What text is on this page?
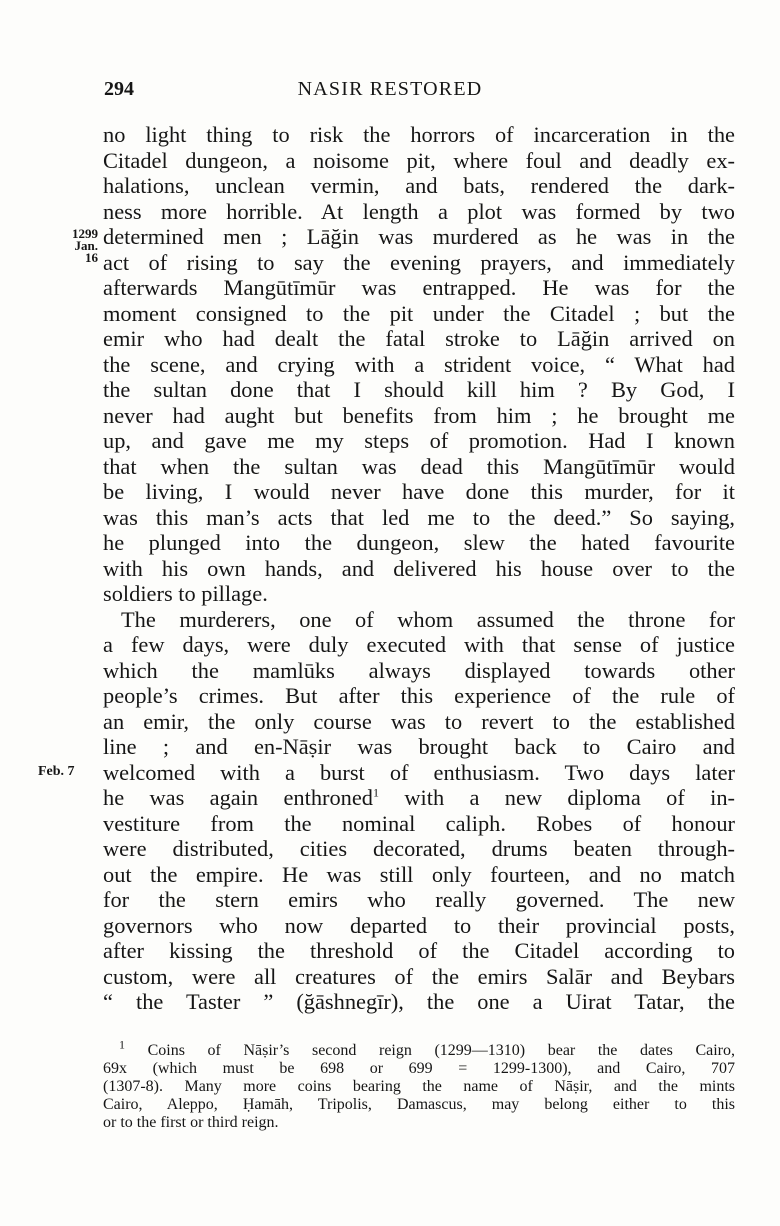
294	NASIR RESTORED
1299
Jan.
16
Feb. 7
no light thing to risk the horrors of incarceration in the
Citadel dungeon, a noisome pit, where foul and deadly ex-
halations, unclean vermin, and bats, rendered the dark-
ness more horrible. At length a plot was formed by two
determined men ; Lāğin was murdered as he was in the
act of rising to say the evening prayers, and immediately
afterwards Mangūtīmūr was entrapped. He was for the
moment consigned to the pit under the Citadel ; but the
emir who had dealt the fatal stroke to Lāğin arrived on
the scene, and crying with a strident voice, “ What had
the sultan done that I should kill him ? By God, I
never had aught but benefits from him ; he brought me
up, and gave me my steps of promotion. Had I known
that when the sultan was dead this Mangūtīmūr would
be living, I would never have done this murder, for it
was this man’s acts that led me to the deed.” So saying,
he plunged into the dungeon, slew the hated favourite
with his own hands, and delivered his house over to the
soldiers to pillage.
The murderers, one of whom assumed the throne for
a few days, were duly executed with that sense of justice
which the mamlūks always displayed towards other
people’s crimes. But after this experience of the rule of
an emir, the only course was to revert to the established
line ; and en-Nāṣir was brought back to Cairo and
welcomed with a burst of enthusiasm. Two days later
he was again enthroned$^1$ with a new diploma of in-
vestiture from the nominal caliph. Robes of honour
were distributed, cities decorated, drums beaten through-
out the empire. He was still only fourteen, and no match
for the stern emirs who really governed. The new
governors who now departed to their provincial posts,
after kissing the threshold of the Citadel according to
custom, were all creatures of the emirs Salār and Beybars
“ the Taster ” (ğāshnegīr), the one a Uirat Tatar, the
$^1$ Coins of Nāṣir’s second reign (1299—1310) bear the dates Cairo,
69x (which must be 698 or 699 = 1299-1300), and Cairo, 707
(1307-8). Many more coins bearing the name of Nāṣir, and the mints
Cairo, Aleppo, Ḥamāh, Tripolis, Damascus, may belong either to this
or to the first or third reign.
